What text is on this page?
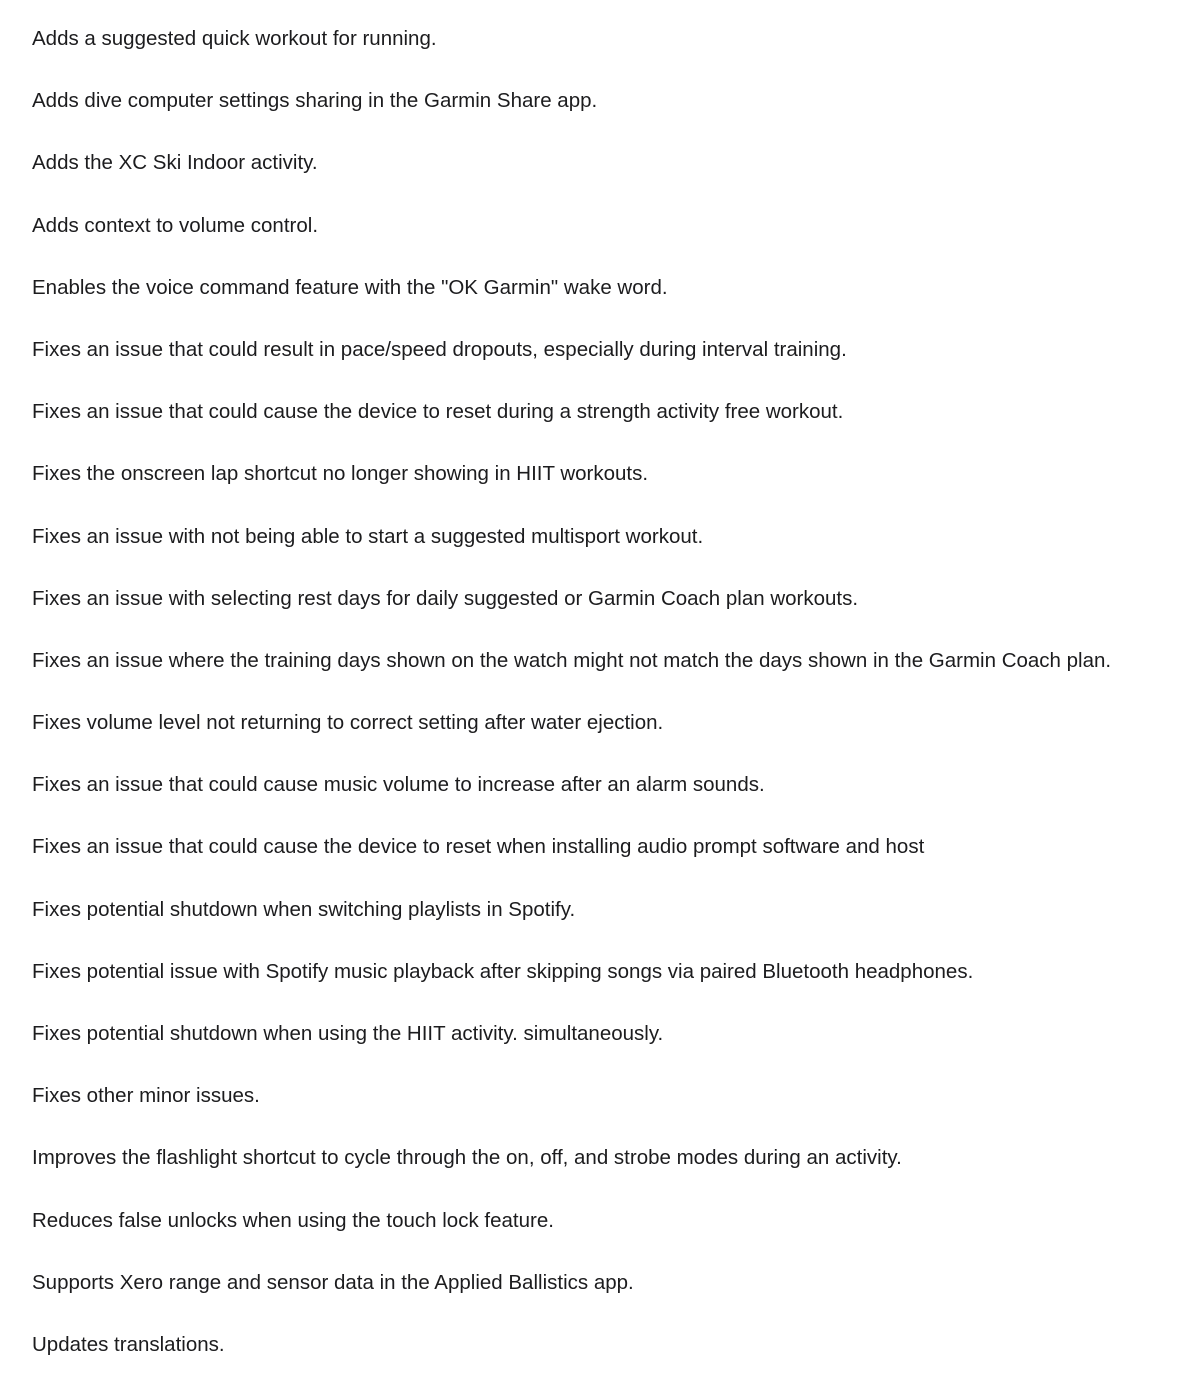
Adds a suggested quick workout for running.
Adds dive computer settings sharing in the Garmin Share app.
Adds the XC Ski Indoor activity.
Adds context to volume control.
Enables the voice command feature with the "OK Garmin" wake word.
Fixes an issue that could result in pace/speed dropouts, especially during interval training.
Fixes an issue that could cause the device to reset during a strength activity free workout.
Fixes the onscreen lap shortcut no longer showing in HIIT workouts.
Fixes an issue with not being able to start a suggested multisport workout.
Fixes an issue with selecting rest days for daily suggested or Garmin Coach plan workouts.
Fixes an issue where the training days shown on the watch might not match the days shown in the Garmin Coach plan.
Fixes volume level not returning to correct setting after water ejection.
Fixes an issue that could cause music volume to increase after an alarm sounds.
Fixes an issue that could cause the device to reset when installing audio prompt software and host
Fixes potential shutdown when switching playlists in Spotify.
Fixes potential issue with Spotify music playback after skipping songs via paired Bluetooth headphones.
Fixes potential shutdown when using the HIIT activity. simultaneously.
Fixes other minor issues.
Improves the flashlight shortcut to cycle through the on, off, and strobe modes during an activity.
Reduces false unlocks when using the touch lock feature.
Supports Xero range and sensor data in the Applied Ballistics app.
Updates translations.
